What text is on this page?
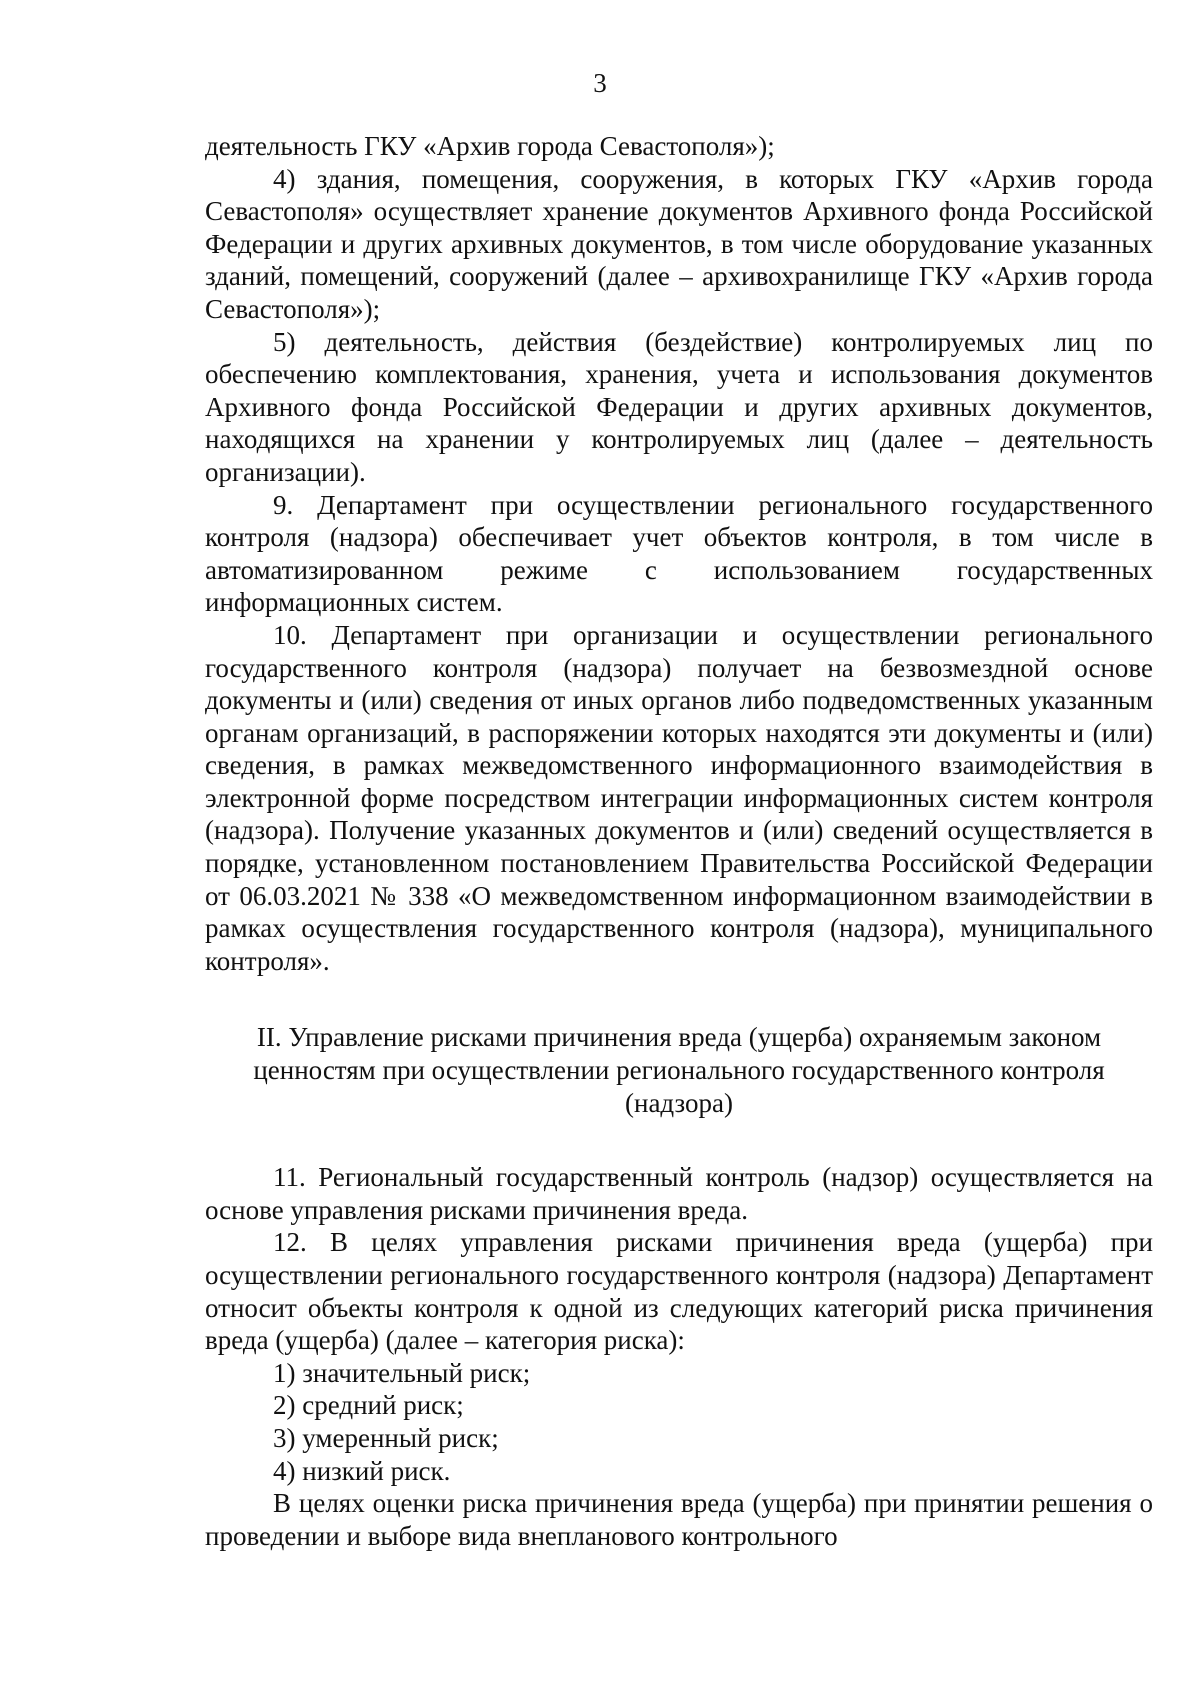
3

деятельность ГКУ «Архив города Севастополя»);

4) здания, помещения, сооружения, в которых ГКУ «Архив города Севастополя» осуществляет хранение документов Архивного фонда Российской Федерации и других архивных документов, в том числе оборудование указанных зданий, помещений, сооружений (далее – архивохранилище ГКУ «Архив города Севастополя»);

5) деятельность, действия (бездействие) контролируемых лиц по обеспечению комплектования, хранения, учета и использования документов Архивного фонда Российской Федерации и других архивных документов, находящихся на хранении у контролируемых лиц (далее – деятельность организации).

9. Департамент при осуществлении регионального государственного контроля (надзора) обеспечивает учет объектов контроля, в том числе в автоматизированном режиме с использованием государственных информационных систем.

10. Департамент при организации и осуществлении регионального государственного контроля (надзора) получает на безвозмездной основе документы и (или) сведения от иных органов либо подведомственных указанным органам организаций, в распоряжении которых находятся эти документы и (или) сведения, в рамках межведомственного информационного взаимодействия в электронной форме посредством интеграции информационных систем контроля (надзора). Получение указанных документов и (или) сведений осуществляется в порядке, установленном постановлением Правительства Российской Федерации от 06.03.2021 № 338 «О межведомственном информационном взаимодействии в рамках осуществления государственного контроля (надзора), муниципального контроля».

II. Управление рисками причинения вреда (ущерба) охраняемым законом ценностям при осуществлении регионального государственного контроля (надзора)

11. Региональный государственный контроль (надзор) осуществляется на основе управления рисками причинения вреда.

12. В целях управления рисками причинения вреда (ущерба) при осуществлении регионального государственного контроля (надзора) Департамент относит объекты контроля к одной из следующих категорий риска причинения вреда (ущерба) (далее – категория риска):

1) значительный риск;

2) средний риск;

3) умеренный риск;

4) низкий риск.

В целях оценки риска причинения вреда (ущерба) при принятии решения о проведении и выборе вида внепланового контрольного
